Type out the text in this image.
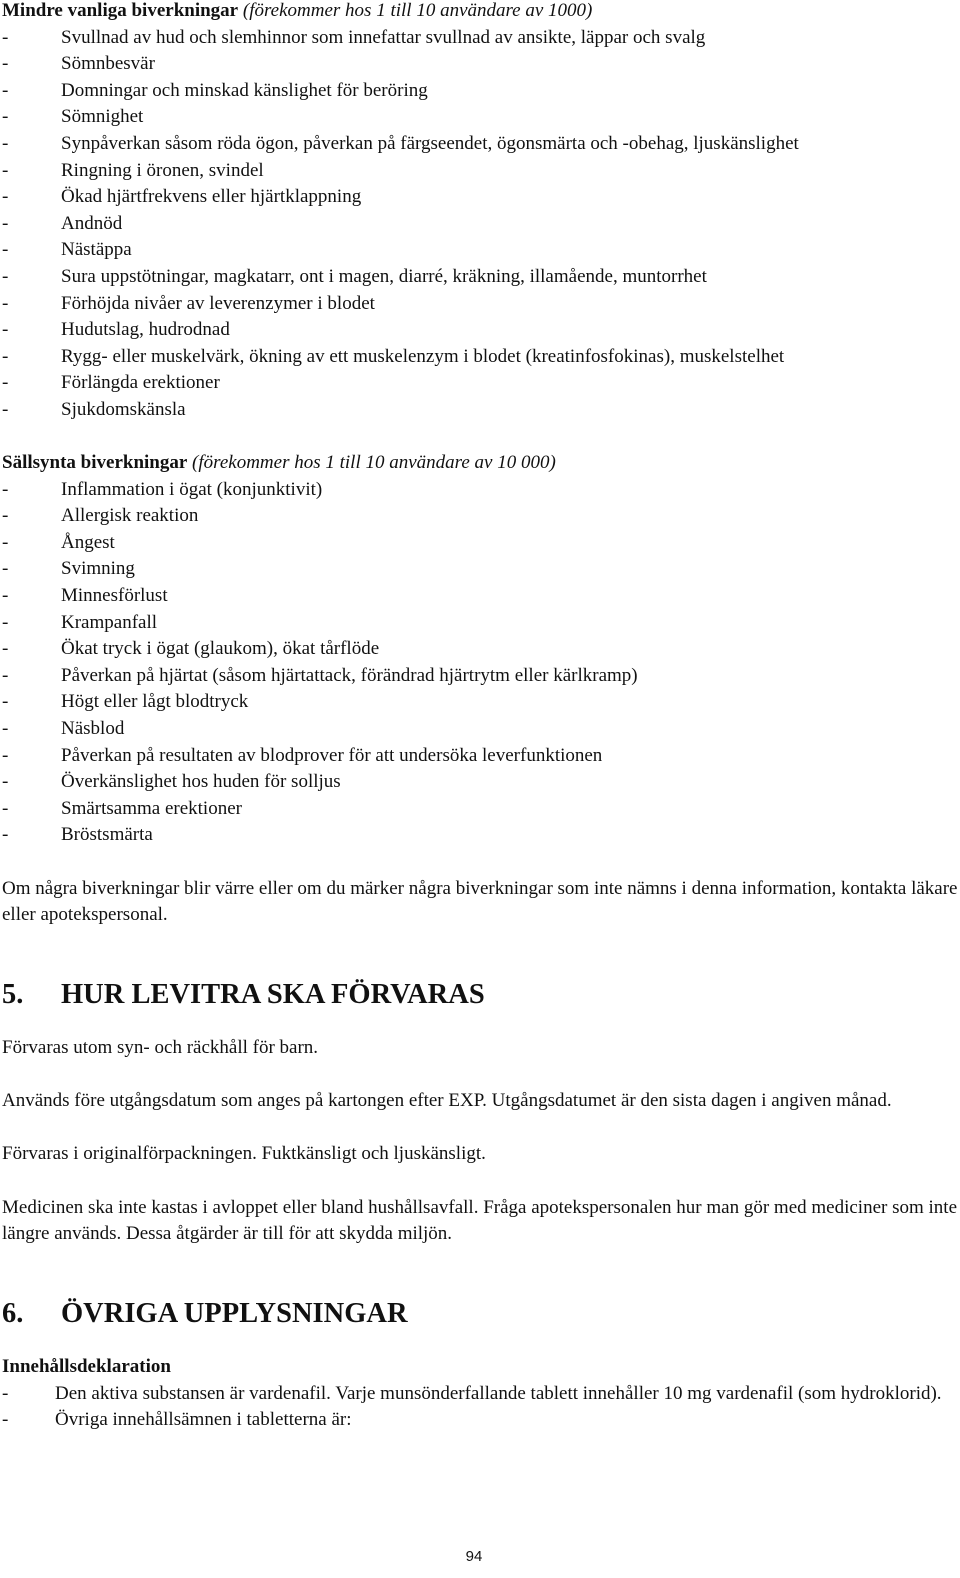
Mindre vanliga biverkningar (förekommer hos 1 till 10 användare av 1000)

-	Svullnad av hud och slemhinnor som innefattar svullnad av ansikte, läppar och svalg
-	Sömnbesvär
-	Domningar och minskad känslighet för beröring
-	Sömnighet
-	Synpåverkan såsom röda ögon, påverkan på färgseendet, ögonsmärta och -obehag, ljuskänslighet
-	Ringning i öronen, svindel
-	Ökad hjärtfrekvens eller hjärtklappning
-	Andnöd
-	Nästäppa
-	Sura uppstötningar, magkatarr, ont i magen, diarré, kräkning, illamående, muntorrhet
-	Förhöjda nivåer av leverenzymer i blodet
-	Hudutslag, hudrodnad
-	Rygg- eller muskelvärk, ökning av ett muskelenzym i blodet (kreatinfosfokinas), muskelstelhet
-	Förlängda erektioner
-	Sjukdomskänsla

Sällsynta biverkningar (förekommer hos 1 till 10 användare av 10 000)

-	Inflammation i ögat (konjunktivit)
-	Allergisk reaktion
-	Ångest
-	Svimning
-	Minnesförlust
-	Krampanfall
-	Ökat tryck i ögat (glaukom), ökat tårflöde
-	Påverkan på hjärtat (såsom hjärtattack, förändrad hjärtrytm eller kärlkramp)
-	Högt eller lågt blodtryck
-	Näsblod
-	Påverkan på resultaten av blodprover för att undersöka leverfunktionen
-	Överkänslighet hos huden för solljus
-	Smärtsamma erektioner
-	Bröstsmärta

Om några biverkningar blir värre eller om du märker några biverkningar som inte nämns i denna information, kontakta läkare eller apotekspersonal.

5. HUR LEVITRA SKA FÖRVARAS

Förvaras utom syn- och räckhåll för barn.

Används före utgångsdatum som anges på kartongen efter EXP. Utgångsdatumet är den sista dagen i angiven månad.

Förvaras i originalförpackningen. Fuktkänsligt och ljuskänsligt.

Medicinen ska inte kastas i avloppet eller bland hushållsavfall. Fråga apotekspersonalen hur man gör med mediciner som inte längre används. Dessa åtgärder är till för att skydda miljön.

6. ÖVRIGA UPPLYSNINGAR

Innehållsdeklaration

- Den aktiva substansen är vardenafil. Varje munsönderfallande tablett innehåller 10 mg vardenafil (som hydroklorid).
- Övriga innehållsämnen i tabletterna är:
94
